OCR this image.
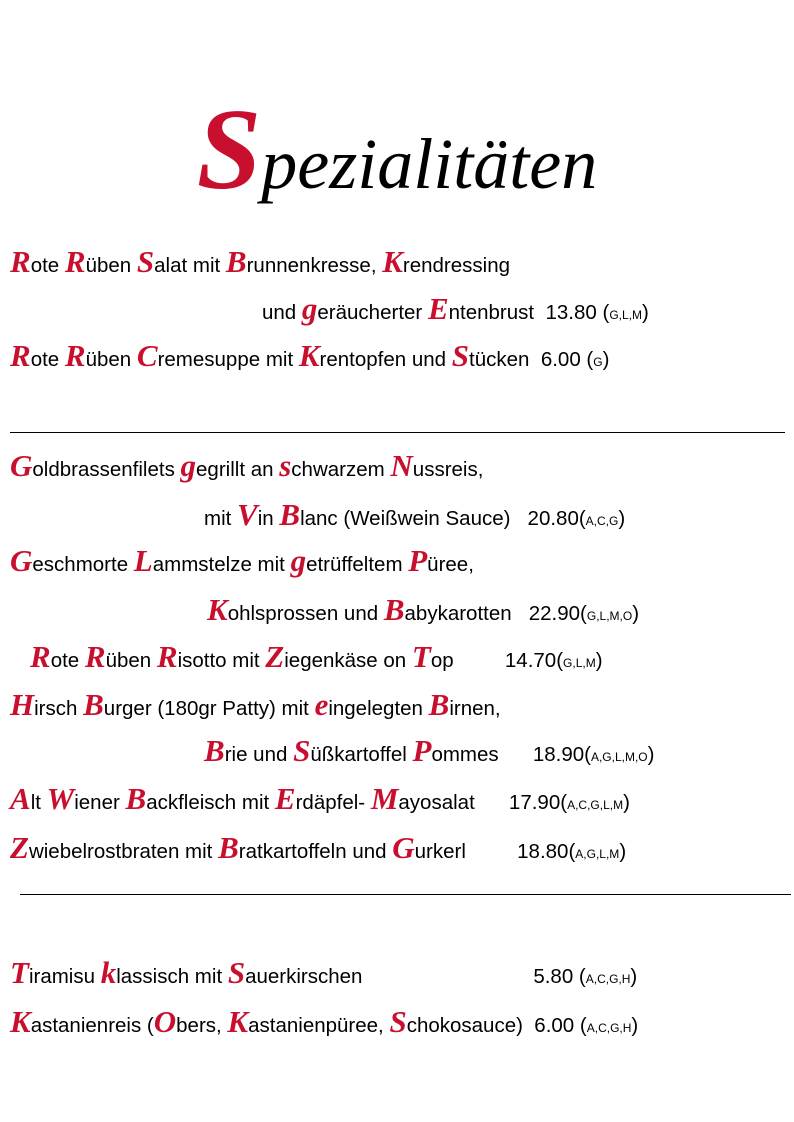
Spezialitäten
Rote Rüben Salat mit Brunnenkresse, Krendressing
und geräucherter Entenbrust  13.80 (G,L,M)
Rote Rüben Cremesuppe mit Krentopfen und Stücken  6.00 (G)
Goldbrassenfilets gegrillt an schwarzem Nussreis,
mit Vin Blanc (Weißwein Sauce)   20.80(A,C,G)
Geschmorte Lammstelze mit getrüffeltem Püree,
Kohlsprossen und Babykarotten   22.90(G,L,M,O)
Rote Rüben Risotto mit Ziegenkäse on Top         14.70(G,L,M)
Hirsch Burger (180gr Patty) mit eingelegten Birnen,
Brie und Süßkartoffel Pommes      18.90(A,G,L,M,O)
Alt Wiener Backfleisch mit Erdäpfel- Mayosalat      17.90(A,C,G,L,M)
Zwiebelrostbraten mit Bratkartoffeln und Gurkerl         18.80(A,G,L,M)
Tiramisu klassisch mit Sauerkirschen                              5.80 (A,C,G,H)
Kastanienreis (Obers, Kastanienpüree, Schokosauce)  6.00 (A,C,G,H)
